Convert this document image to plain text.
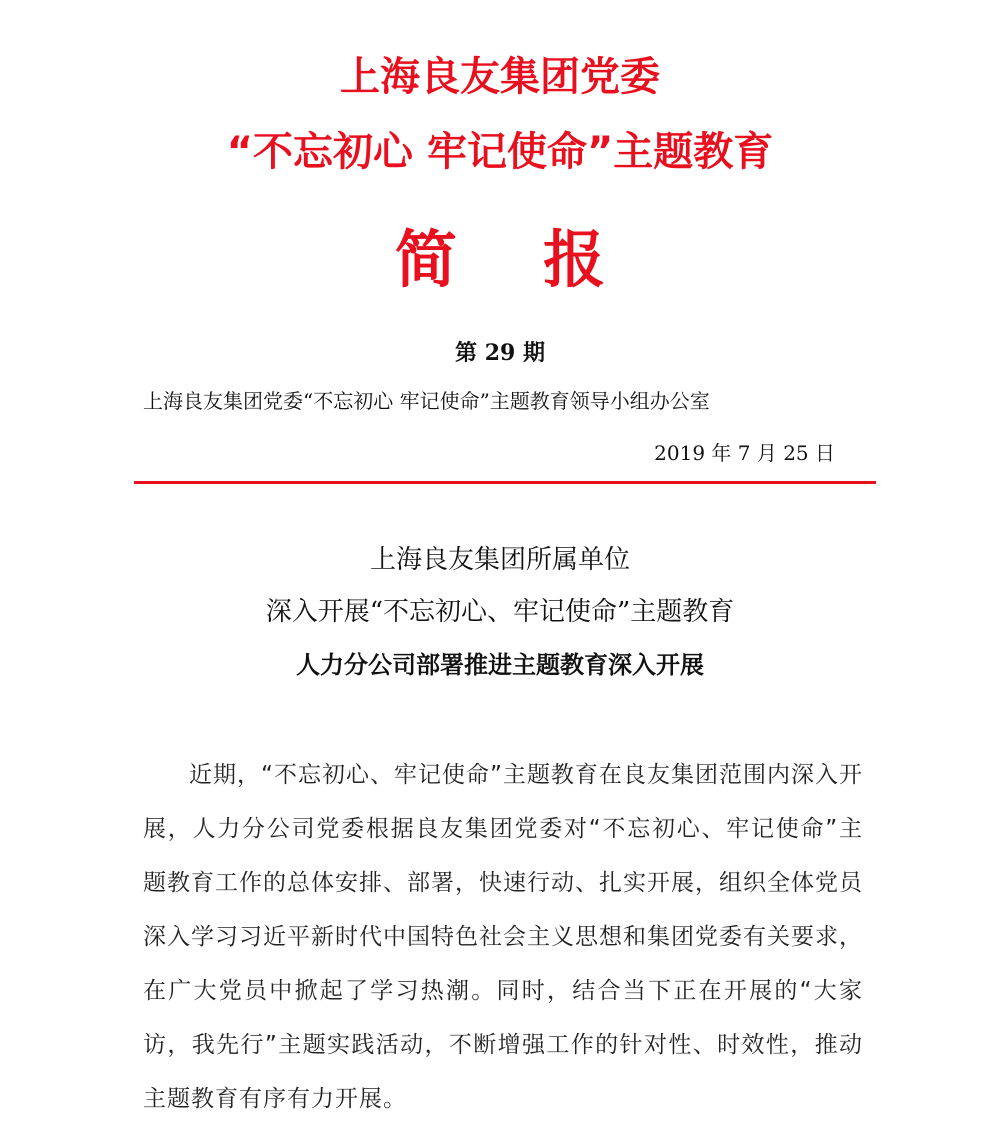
上海良友集团党委
“不忘初心 牢记使命”主题教育
简    报
第 29 期
上海良友集团党委“不忘初心 牢记使命”主题教育领导小组办公室
2019 年 7 月 25 日
上海良友集团所属单位
深入开展“不忘初心、牢记使命”主题教育
人力分公司部署推进主题教育深入开展

近期，“不忘初心、牢记使命”主题教育在良友集团范围内深入开展，人力分公司党委根据良友集团党委对“不忘初心、牢记使命”主题教育工作的总体安排、部署，快速行动、扎实开展，组织全体党员深入学习习近平新时代中国特色社会主义思想和集团党委有关要求，在广大党员中掀起了学习热潮。同时，结合当下正在开展的“大家访，我先行”主题实践活动，不断增强工作的针对性、时效性，推动主题教育有序有力开展。
